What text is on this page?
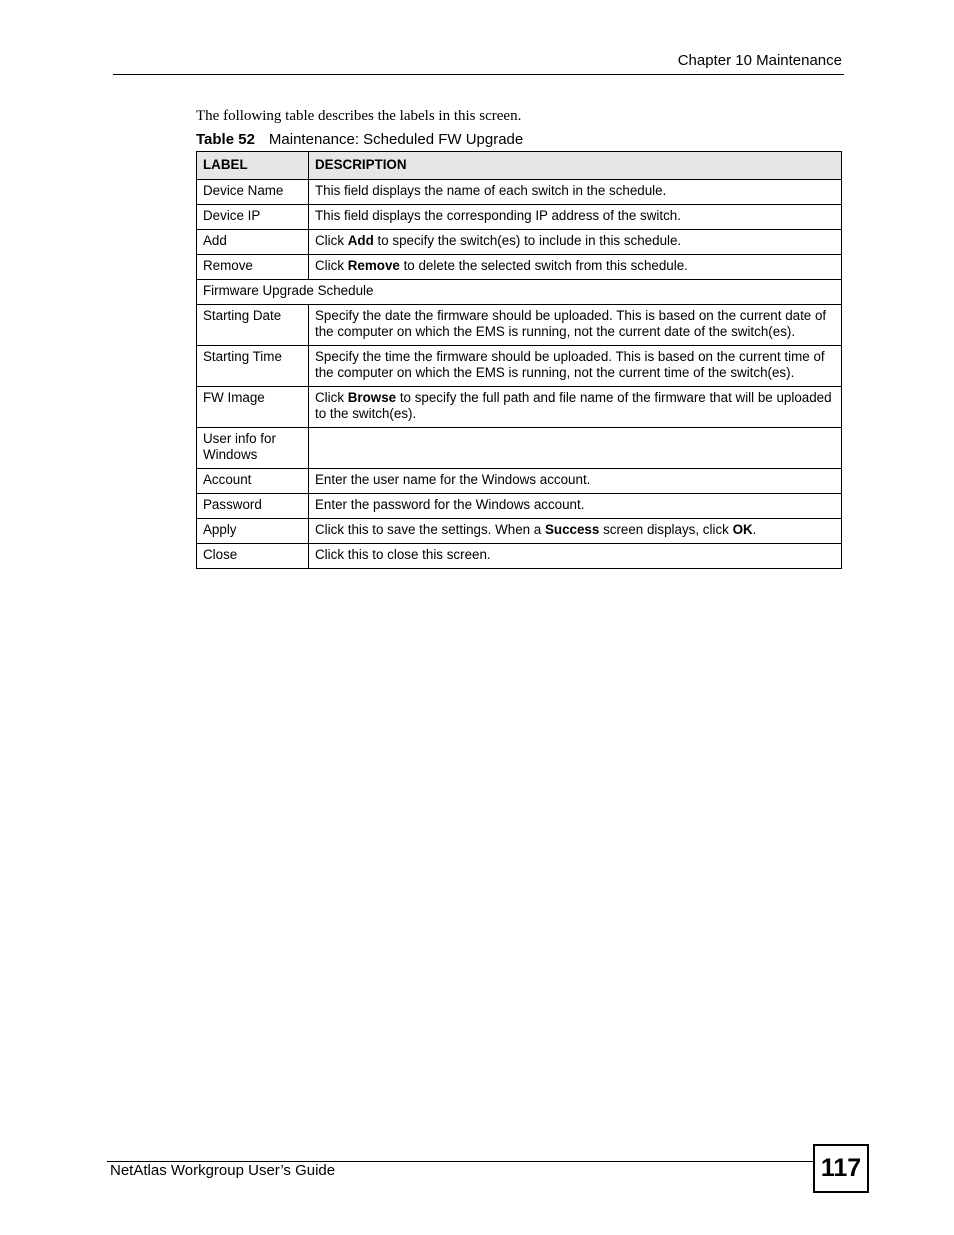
Chapter 10 Maintenance
The following table describes the labels in this screen.
Table 52 Maintenance: Scheduled FW Upgrade
LABEL	DESCRIPTION
Device Name	This field displays the name of each switch in the schedule.
Device IP	This field displays the corresponding IP address of the switch.
Add	Click Add to specify the switch(es) to include in this schedule.
Remove	Click Remove to delete the selected switch from this schedule.
Firmware Upgrade Schedule	
Starting Date	Specify the date the firmware should be uploaded. This is based on the current date of the computer on which the EMS is running, not the current date of the switch(es).
Starting Time	Specify the time the firmware should be uploaded. This is based on the current time of the computer on which the EMS is running, not the current time of the switch(es).
FW Image	Click Browse to specify the full path and file name of the firmware that will be uploaded to the switch(es).
User info for Windows	
Account	Enter the user name for the Windows account.
Password	Enter the password for the Windows account.
Apply	Click this to save the settings. When a Success screen displays, click OK.
Close	Click this to close this screen.
NetAtlas Workgroup User’s Guide	117
